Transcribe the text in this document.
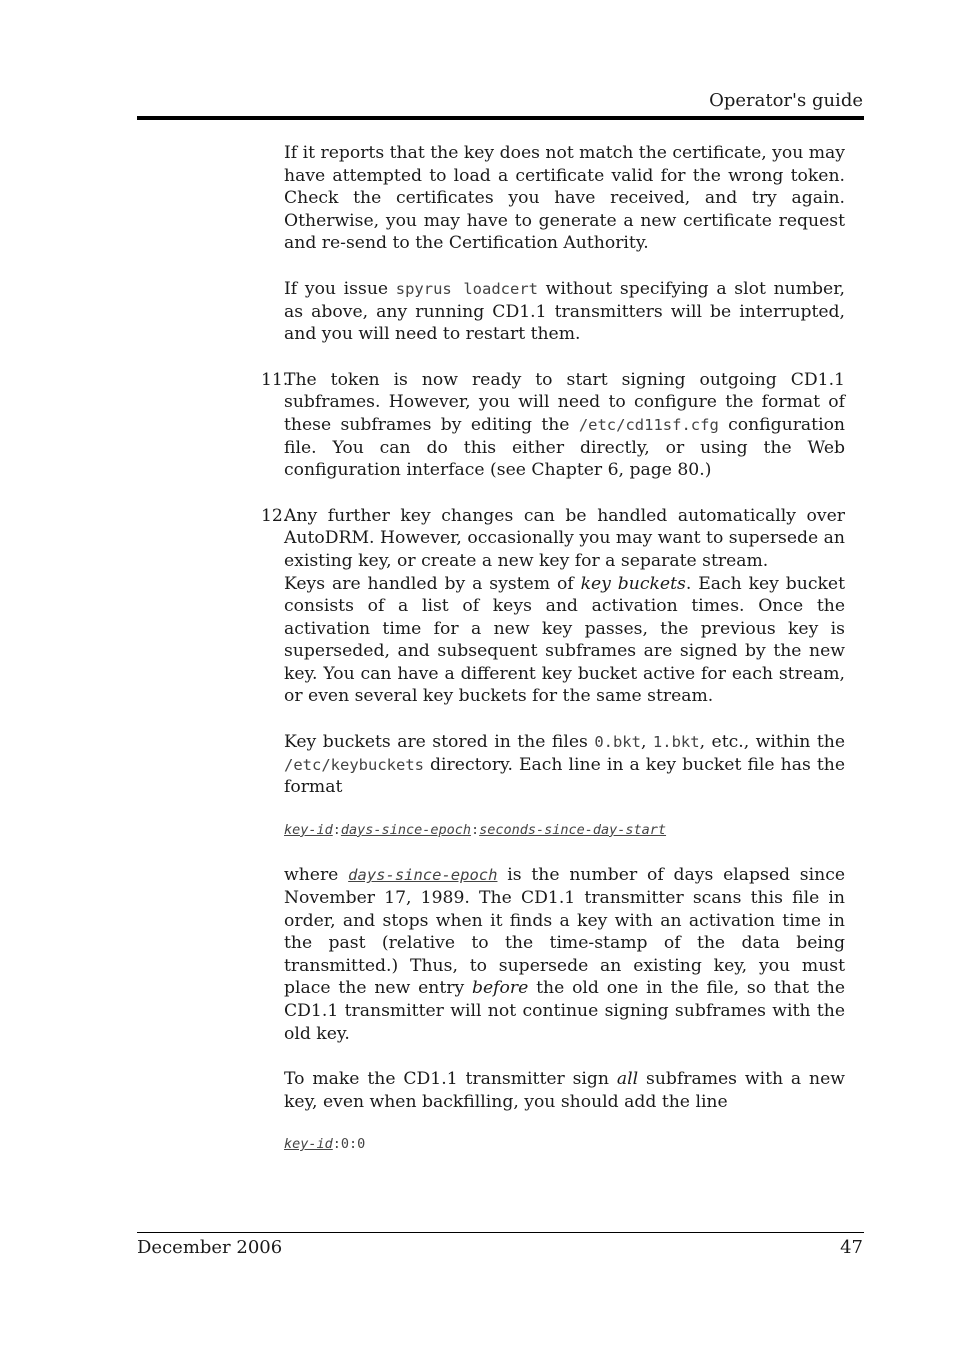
Operator's guide

If it reports that the key does not match the certificate, you may have attempted to load a certificate valid for the wrong token. Check the certificates you have received, and try again. Otherwise, you may have to generate a new certificate request and re-send to the Certification Authority.

If you issue spyrus loadcert without specifying a slot number, as above, any running CD1.1 transmitters will be interrupted, and you will need to restart them.

11.

The token is now ready to start signing outgoing CD1.1 subframes. However, you will need to configure the format of these subframes by editing the /etc/cd11sf.cfg configuration file. You can do this either directly, or using the Web configuration interface (see Chapter 6, page 80.)

12.

Any further key changes can be handled automatically over AutoDRM. However, occasionally you may want to supersede an existing key, or create a new key for a separate stream.

Keys are handled by a system of key buckets. Each key bucket consists of a list of keys and activation times. Once the activation time for a new key passes, the previous key is superseded, and subsequent subframes are signed by the new key. You can have a different key bucket active for each stream, or even several key buckets for the same stream.

Key buckets are stored in the files 0.bkt, 1.bkt, etc., within the /etc/keybuckets directory. Each line in a key bucket file has the format

key-id:days-since-epoch:seconds-since-day-start

where days-since-epoch is the number of days elapsed since November 17, 1989. The CD1.1 transmitter scans this file in order, and stops when it finds a key with an activation time in the past (relative to the time-stamp of the data being transmitted.) Thus, to supersede an existing key, you must place the new entry before the old one in the file, so that the CD1.1 transmitter will not continue signing subframes with the old key.

To make the CD1.1 transmitter sign all subframes with a new key, even when backfilling, you should add the line

key-id:0:0

December 2006	47
